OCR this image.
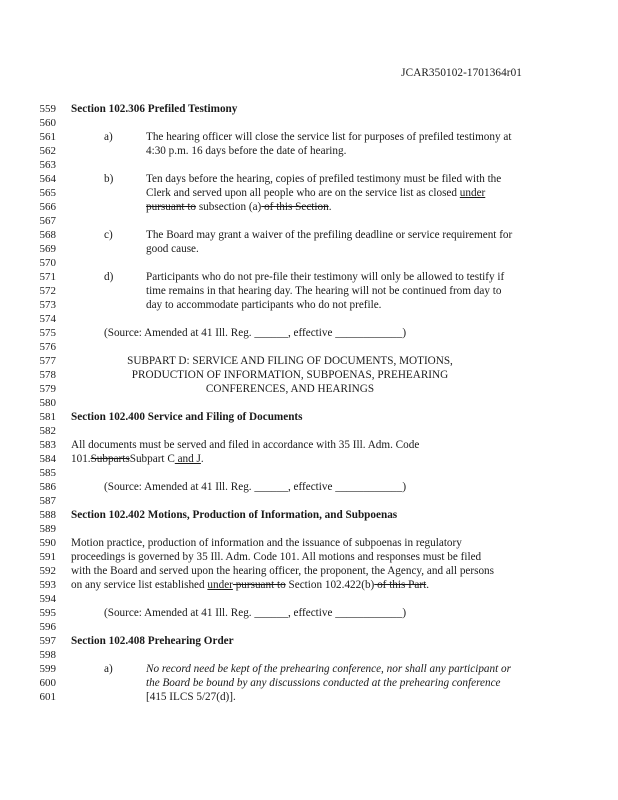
JCAR350102-1701364r01
559
560
561
562
563
564
565
566
567
568
569
570
571
572
573
574
575
576
577
578
579
580
581
582
583
584
585
586
587
588
589
590
591
592
593
594
595
596
597
598
599
600
601
Section 102.306 Prefiled Testimony
a)	The hearing officer will close the service list for purposes of prefiled testimony at
4:30 p.m. 16 days before the date of hearing.
b)	Ten days before the hearing, copies of prefiled testimony must be filed with the
Clerk and served upon all people who are on the service list as closed under
pursuant to subsection (a) of this Section.
c)	The Board may grant a waiver of the prefiling deadline or service requirement for
good cause.
d)	Participants who do not pre-file their testimony will only be allowed to testify if
time remains in that hearing day. The hearing will not be continued from day to
day to accommodate participants who do not prefile.
(Source: Amended at 41 Ill. Reg. ______, effective ____________)
SUBPART D: SERVICE AND FILING OF DOCUMENTS, MOTIONS,
PRODUCTION OF INFORMATION, SUBPOENAS, PREHEARING
CONFERENCES, AND HEARINGS
Section 102.400 Service and Filing of Documents
All documents must be served and filed in accordance with 35 Ill. Adm. Code
101.SubpartsSubpart C and J.
(Source: Amended at 41 Ill. Reg. ______, effective ____________)
Section 102.402 Motions, Production of Information, and Subpoenas
Motion practice, production of information and the issuance of subpoenas in regulatory
proceedings is governed by 35 Ill. Adm. Code 101. All motions and responses must be filed
with the Board and served upon the hearing officer, the proponent, the Agency, and all persons
on any service list established under pursuant to Section 102.422(b) of this Part.
(Source: Amended at 41 Ill. Reg. ______, effective ____________)
Section 102.408 Prehearing Order
a)	No record need be kept of the prehearing conference, nor shall any participant or
the Board be bound by any discussions conducted at the prehearing conference
[415 ILCS 5/27(d)].
